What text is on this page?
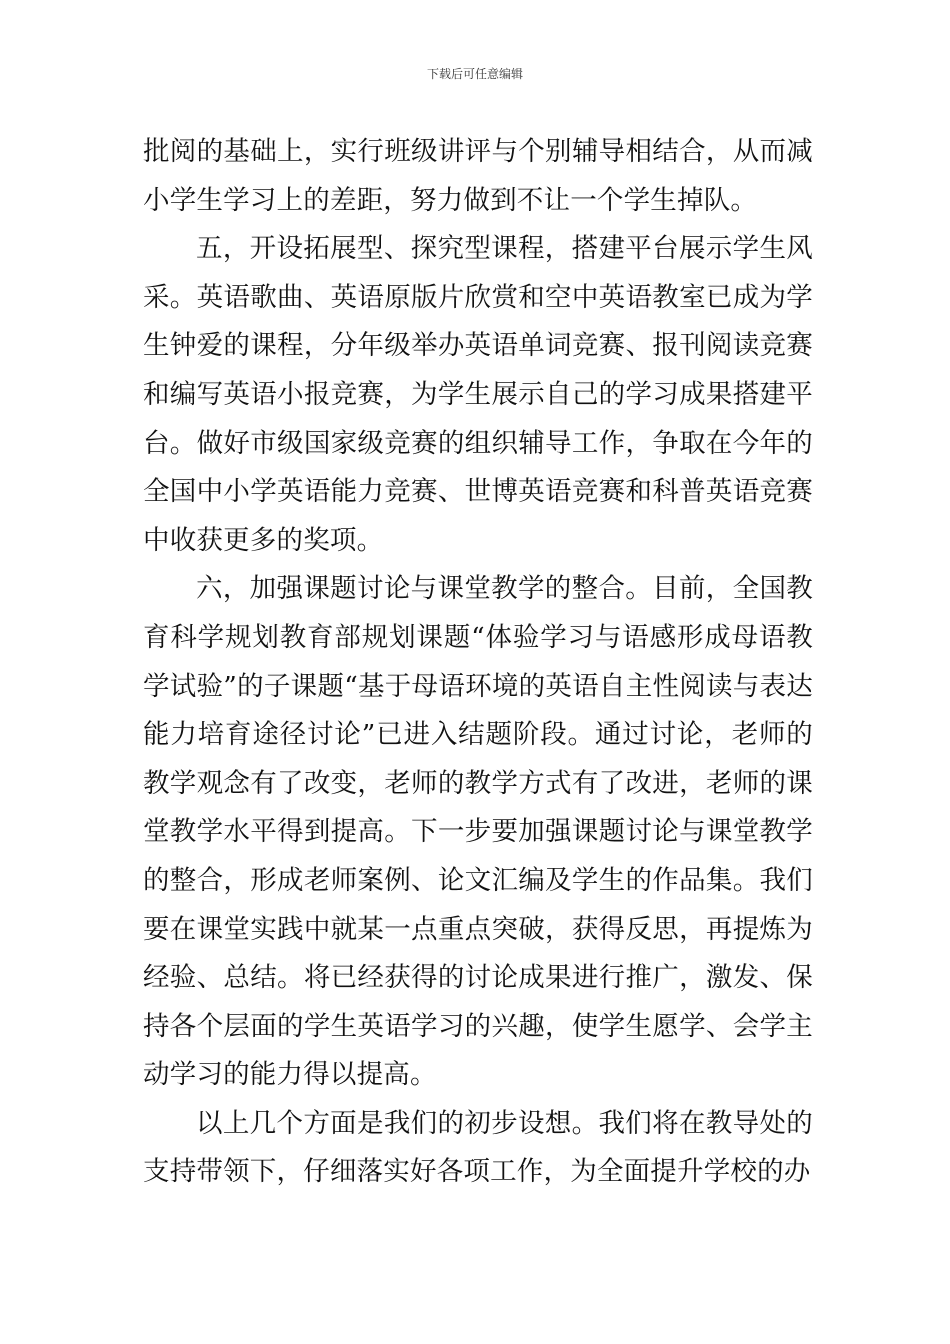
下载后可任意编辑

批阅的基础上，实行班级讲评与个别辅导相结合，从而减小学生学习上的差距，努力做到不让一个学生掉队。

五，开设拓展型、探究型课程，搭建平台展示学生风采。英语歌曲、英语原版片欣赏和空中英语教室已成为学生钟爱的课程，分年级举办英语单词竞赛、报刊阅读竞赛和编写英语小报竞赛，为学生展示自己的学习成果搭建平台。做好市级国家级竞赛的组织辅导工作，争取在今年的全国中小学英语能力竞赛、世博英语竞赛和科普英语竞赛中收获更多的奖项。

六，加强课题讨论与课堂教学的整合。目前，全国教育科学规划教育部规划课题“体验学习与语感形成母语教学试验”的子课题“基于母语环境的英语自主性阅读与表达能力培育途径讨论”已进入结题阶段。通过讨论，老师的教学观念有了改变，老师的教学方式有了改进，老师的课堂教学水平得到提高。下一步要加强课题讨论与课堂教学的整合，形成老师案例、论文汇编及学生的作品集。我们要在课堂实践中就某一点重点突破，获得反思，再提炼为经验、总结。将已经获得的讨论成果进行推广，激发、保持各个层面的学生英语学习的兴趣，使学生愿学、会学主动学习的能力得以提高。

以上几个方面是我们的初步设想。我们将在教导处的支持带领下，仔细落实好各项工作，为全面提升学校的办
